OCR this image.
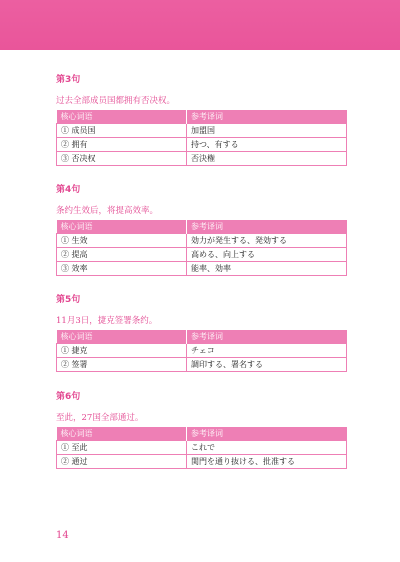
第3句
过去全部成员国都拥有否决权。
核心词语	参考译词
① 成员国	加盟国
② 拥有	持つ、有する
③ 否决权	否決権
第4句
条约生效后，将提高效率。
核心词语	参考译词
① 生效	効力が発生する、発効する
② 提高	高める、向上する
③ 效率	能率、効率
第5句
11月3日，捷克签署条约。
核心词语	参考译词
① 捷克	チェコ
② 签署	調印する、署名する
第6句
至此，27国全部通过。
核心词语	参考译词
① 至此	これで
② 通过	関門を通り抜ける、批准する
14
